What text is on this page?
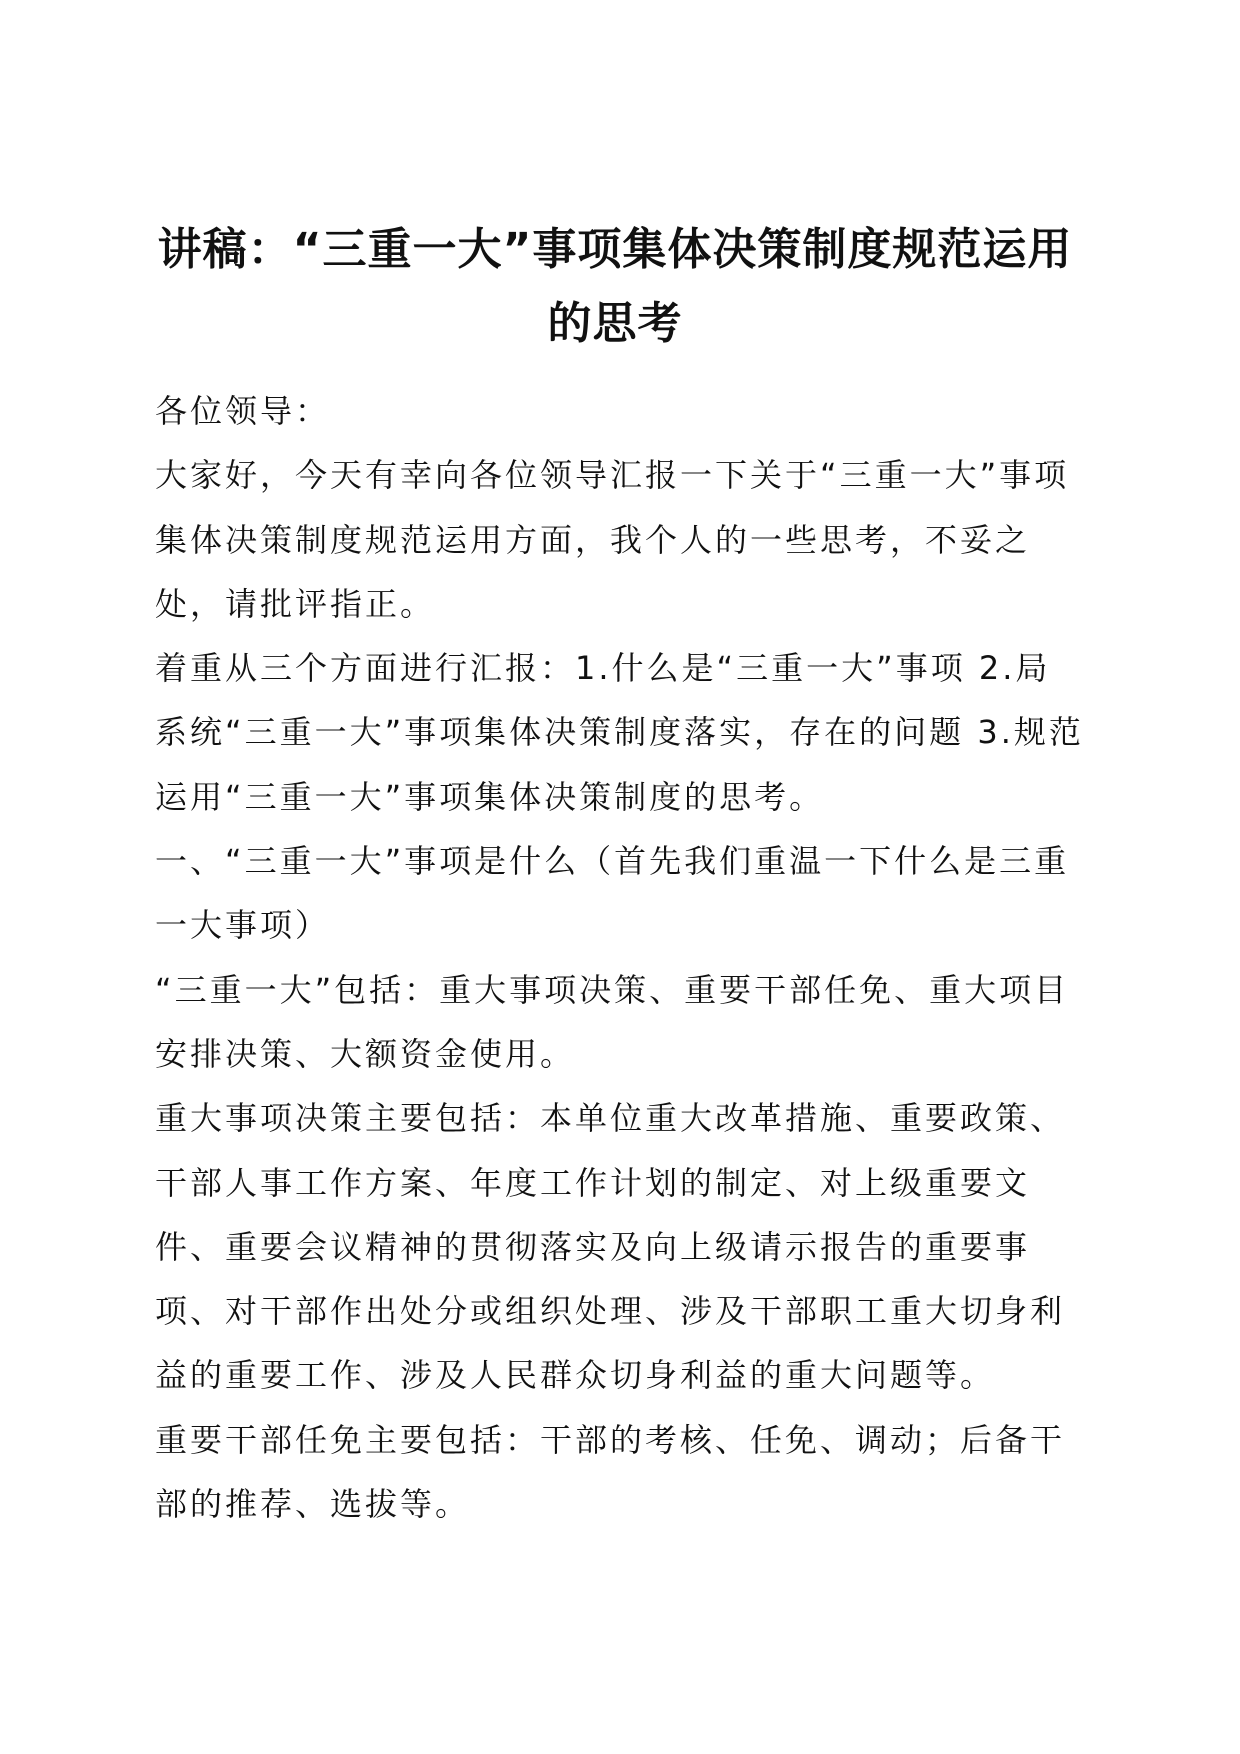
讲稿：“三重一大”事项集体决策制度规范运用的思考

各位领导：

大家好，今天有幸向各位领导汇报一下关于“三重一大”事项集体决策制度规范运用方面，我个人的一些思考，不妥之处，请批评指正。

着重从三个方面进行汇报：1.什么是“三重一大”事项 2.局系统“三重一大”事项集体决策制度落实，存在的问题 3.规范运用“三重一大”事项集体决策制度的思考。

一、“三重一大”事项是什么（首先我们重温一下什么是三重一大事项）

“三重一大”包括：重大事项决策、重要干部任免、重大项目安排决策、大额资金使用。

重大事项决策主要包括：本单位重大改革措施、重要政策、干部人事工作方案、年度工作计划的制定、对上级重要文件、重要会议精神的贯彻落实及向上级请示报告的重要事项、对干部作出处分或组织处理、涉及干部职工重大切身利益的重要工作、涉及人民群众切身利益的重大问题等。

重要干部任免主要包括：干部的考核、任免、调动；后备干部的推荐、选拔等。
